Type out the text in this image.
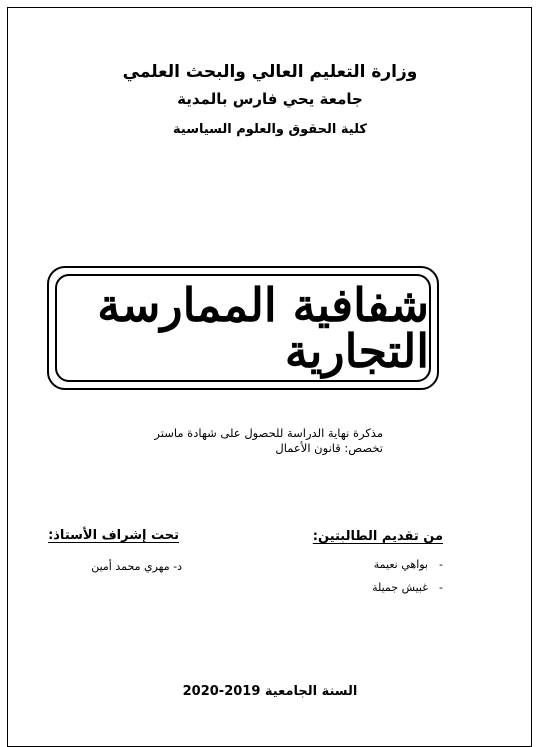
وزارة التعليم العالي والبحث العلمي
جامعة يحي فارس بالمدية
كلية الحقوق والعلوم السياسية
شفافية الممارسة التجارية
مذكرة نهاية الدراسة للحصول على شهادة ماستر
تخصص: قانون الأعمال
من تقديم الطالبتين:
تحت إشراف الأستاذ:
-
بواهي نعيمة
-
غبيش جميلة
د- مهري محمد أمين
السنة الجامعية 2019-2020
